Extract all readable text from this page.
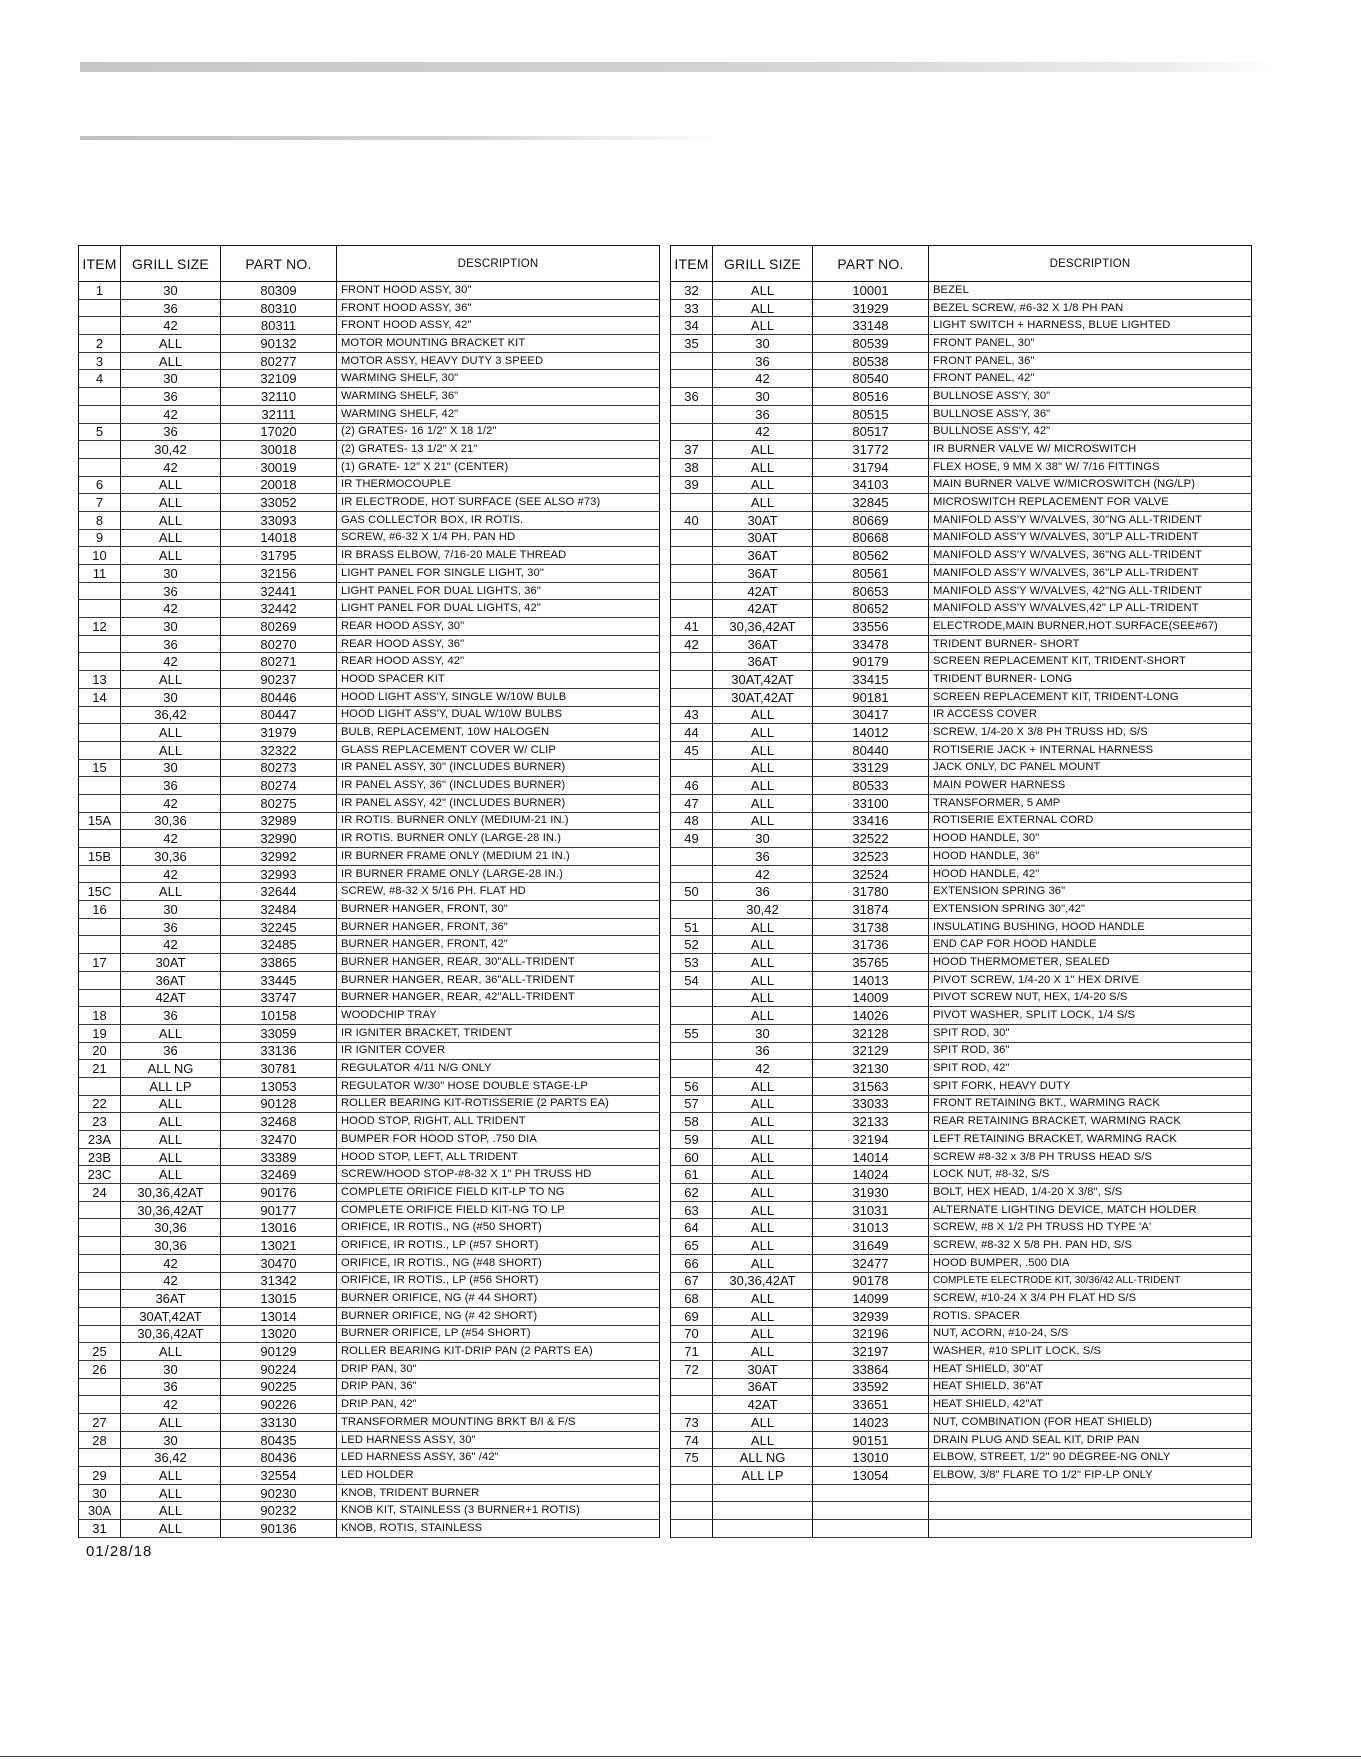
ITEM	GRILL SIZE	PART NO.	DESCRIPTION
1	30	80309	FRONT HOOD ASSY, 30"
	36	80310	FRONT HOOD ASSY, 36"
	42	80311	FRONT HOOD ASSY, 42"
2	ALL	90132	MOTOR MOUNTING BRACKET KIT
3	ALL	80277	MOTOR ASSY, HEAVY DUTY 3 SPEED
4	30	32109	WARMING SHELF, 30"
	36	32110	WARMING SHELF, 36"
	42	32111	WARMING SHELF, 42"
5	36	17020	(2) GRATES- 16 1/2" X 18 1/2"
	30,42	30018	(2) GRATES- 13 1/2" X 21"
	42	30019	(1) GRATE- 12" X 21" (CENTER)
6	ALL	20018	IR THERMOCOUPLE
7	ALL	33052	IR ELECTRODE, HOT SURFACE (SEE ALSO #73)
8	ALL	33093	GAS COLLECTOR BOX, IR ROTIS.
9	ALL	14018	SCREW, #6-32 X 1/4 PH. PAN HD
10	ALL	31795	IR BRASS ELBOW, 7/16-20 MALE THREAD
11	30	32156	LIGHT PANEL FOR SINGLE LIGHT, 30"
	36	32441	LIGHT PANEL FOR DUAL LIGHTS, 36"
	42	32442	LIGHT PANEL FOR DUAL LIGHTS, 42"
12	30	80269	REAR HOOD ASSY, 30"
	36	80270	REAR HOOD ASSY, 36"
	42	80271	REAR HOOD ASSY, 42"
13	ALL	90237	HOOD SPACER KIT
14	30	80446	HOOD LIGHT ASS'Y, SINGLE W/10W BULB
	36,42	80447	HOOD LIGHT ASS'Y, DUAL W/10W BULBS
	ALL	31979	BULB, REPLACEMENT, 10W HALOGEN
	ALL	32322	GLASS REPLACEMENT COVER W/ CLIP
15	30	80273	IR PANEL ASSY, 30" (INCLUDES BURNER)
	36	80274	IR PANEL ASSY, 36" (INCLUDES BURNER)
	42	80275	IR PANEL ASSY, 42" (INCLUDES BURNER)
15A	30,36	32989	IR ROTIS. BURNER ONLY (MEDIUM-21 IN.)
	42	32990	IR ROTIS. BURNER ONLY (LARGE-28 IN.)
15B	30,36	32992	IR BURNER FRAME ONLY (MEDIUM 21 IN.)
	42	32993	IR BURNER FRAME ONLY (LARGE-28 IN.)
15C	ALL	32644	SCREW, #8-32 X 5/16 PH. FLAT HD
16	30	32484	BURNER HANGER, FRONT, 30"
	36	32245	BURNER HANGER, FRONT, 36"
	42	32485	BURNER HANGER, FRONT, 42"
17	30AT	33865	BURNER HANGER, REAR, 30"ALL-TRIDENT
	36AT	33445	BURNER HANGER, REAR, 36"ALL-TRIDENT
	42AT	33747	BURNER HANGER, REAR, 42"ALL-TRIDENT
18	36	10158	WOODCHIP TRAY
19	ALL	33059	IR IGNITER BRACKET, TRIDENT
20	36	33136	IR IGNITER COVER
21	ALL NG	30781	REGULATOR 4/11 N/G ONLY
	ALL LP	13053	REGULATOR W/30" HOSE DOUBLE STAGE-LP
22	ALL	90128	ROLLER BEARING KIT-ROTISSERIE (2 PARTS EA)
23	ALL	32468	HOOD STOP, RIGHT, ALL TRIDENT
23A	ALL	32470	BUMPER FOR HOOD STOP, .750 DIA
23B	ALL	33389	HOOD STOP, LEFT, ALL TRIDENT
23C	ALL	32469	SCREW/HOOD STOP-#8-32 X 1" PH TRUSS HD
24	30,36,42AT	90176	COMPLETE ORIFICE FIELD KIT-LP TO NG
	30,36,42AT	90177	COMPLETE ORIFICE FIELD KIT-NG TO LP
	30,36	13016	ORIFICE, IR ROTIS., NG (#50 SHORT)
	30,36	13021	ORIFICE, IR ROTIS., LP (#57 SHORT)
	42	30470	ORIFICE, IR ROTIS., NG (#48 SHORT)
	42	31342	ORIFICE, IR ROTIS., LP (#56 SHORT)
	36AT	13015	BURNER ORIFICE, NG (# 44 SHORT)
	30AT,42AT	13014	BURNER ORIFICE, NG (# 42 SHORT)
	30,36,42AT	13020	BURNER ORIFICE, LP (#54 SHORT)
25	ALL	90129	ROLLER BEARING KIT-DRIP PAN (2 PARTS EA)
26	30	90224	DRIP PAN, 30"
	36	90225	DRIP PAN, 36"
	42	90226	DRIP PAN, 42"
27	ALL	33130	TRANSFORMER MOUNTING BRKT B/I & F/S
28	30	80435	LED HARNESS ASSY, 30"
	36,42	80436	LED HARNESS ASSY, 36" /42"
29	ALL	32554	LED HOLDER
30	ALL	90230	KNOB, TRIDENT BURNER
30A	ALL	90232	KNOB KIT, STAINLESS (3 BURNER+1 ROTIS)
31	ALL	90136	KNOB, ROTIS, STAINLESS
ITEM	GRILL SIZE	PART NO.	DESCRIPTION
32	ALL	10001	BEZEL
33	ALL	31929	BEZEL SCREW, #6-32 X 1/8 PH PAN
34	ALL	33148	LIGHT SWITCH + HARNESS, BLUE LIGHTED
35	30	80539	FRONT PANEL, 30"
	36	80538	FRONT PANEL, 36"
	42	80540	FRONT PANEL, 42"
36	30	80516	BULLNOSE ASS'Y, 30"
	36	80515	BULLNOSE ASS'Y, 36"
	42	80517	BULLNOSE ASS'Y, 42"
37	ALL	31772	IR BURNER VALVE W/ MICROSWITCH
38	ALL	31794	FLEX HOSE, 9 MM X 38" W/ 7/16 FITTINGS
39	ALL	34103	MAIN BURNER VALVE W/MICROSWITCH (NG/LP)
	ALL	32845	MICROSWITCH REPLACEMENT FOR VALVE
40	30AT	80669	MANIFOLD ASS'Y W/VALVES, 30"NG ALL-TRIDENT
	30AT	80668	MANIFOLD ASS'Y W/VALVES, 30"LP ALL-TRIDENT
	36AT	80562	MANIFOLD ASS'Y W/VALVES, 36"NG ALL-TRIDENT
	36AT	80561	MANIFOLD ASS'Y W/VALVES, 36"LP ALL-TRIDENT
	42AT	80653	MANIFOLD ASS'Y W/VALVES, 42"NG ALL-TRIDENT
	42AT	80652	MANIFOLD ASS'Y W/VALVES,42" LP ALL-TRIDENT
41	30,36,42AT	33556	ELECTRODE,MAIN BURNER,HOT SURFACE(SEE#67)
42	36AT	33478	TRIDENT BURNER- SHORT
	36AT	90179	SCREEN REPLACEMENT KIT, TRIDENT-SHORT
	30AT,42AT	33415	TRIDENT BURNER- LONG
	30AT,42AT	90181	SCREEN REPLACEMENT KIT, TRIDENT-LONG
43	ALL	30417	IR ACCESS COVER
44	ALL	14012	SCREW, 1/4-20 X 3/8 PH TRUSS HD, S/S
45	ALL	80440	ROTISERIE JACK + INTERNAL HARNESS
	ALL	33129	JACK ONLY, DC PANEL MOUNT
46	ALL	80533	MAIN POWER HARNESS
47	ALL	33100	TRANSFORMER, 5 AMP
48	ALL	33416	ROTISERIE EXTERNAL CORD
49	30	32522	HOOD HANDLE, 30"
	36	32523	HOOD HANDLE, 36"
	42	32524	HOOD HANDLE, 42"
50	36	31780	EXTENSION SPRING 36"
	30,42	31874	EXTENSION SPRING 30",42"
51	ALL	31738	INSULATING BUSHING, HOOD HANDLE
52	ALL	31736	END CAP FOR HOOD HANDLE
53	ALL	35765	HOOD THERMOMETER, SEALED
54	ALL	14013	PIVOT SCREW, 1/4-20 X 1" HEX DRIVE
	ALL	14009	PIVOT SCREW NUT, HEX, 1/4-20 S/S
	ALL	14026	PIVOT WASHER, SPLIT LOCK, 1/4 S/S
55	30	32128	SPIT ROD, 30"
	36	32129	SPIT ROD, 36"
	42	32130	SPIT ROD, 42"
56	ALL	31563	SPIT FORK, HEAVY DUTY
57	ALL	33033	FRONT RETAINING BKT., WARMING RACK
58	ALL	32133	REAR RETAINING BRACKET, WARMING RACK
59	ALL	32194	LEFT RETAINING BRACKET, WARMING RACK
60	ALL	14014	SCREW #8-32 x 3/8 PH TRUSS HEAD S/S
61	ALL	14024	LOCK NUT, #8-32, S/S
62	ALL	31930	BOLT, HEX HEAD, 1/4-20 X 3/8", S/S
63	ALL	31031	ALTERNATE LIGHTING DEVICE, MATCH HOLDER
64	ALL	31013	SCREW, #8 X 1/2 PH TRUSS HD TYPE 'A'
65	ALL	31649	SCREW, #8-32 X 5/8 PH. PAN HD, S/S
66	ALL	32477	HOOD BUMPER, .500 DIA
67	30,36,42AT	90178	COMPLETE ELECTRODE KIT, 30/36/42 ALL-TRIDENT
68	ALL	14099	SCREW, #10-24 X 3/4 PH FLAT HD S/S
69	ALL	32939	ROTIS. SPACER
70	ALL	32196	NUT, ACORN, #10-24, S/S
71	ALL	32197	WASHER, #10 SPLIT LOCK, S/S
72	30AT	33864	HEAT SHIELD, 30"AT
	36AT	33592	HEAT SHIELD, 36"AT
	42AT	33651	HEAT SHIELD, 42"AT
73	ALL	14023	NUT, COMBINATION (FOR HEAT SHIELD)
74	ALL	90151	DRAIN PLUG AND SEAL KIT, DRIP PAN
75	ALL NG	13010	ELBOW, STREET, 1/2" 90 DEGREE-NG ONLY
	ALL LP	13054	ELBOW, 3/8" FLARE TO 1/2" FIP-LP ONLY

01/28/18
